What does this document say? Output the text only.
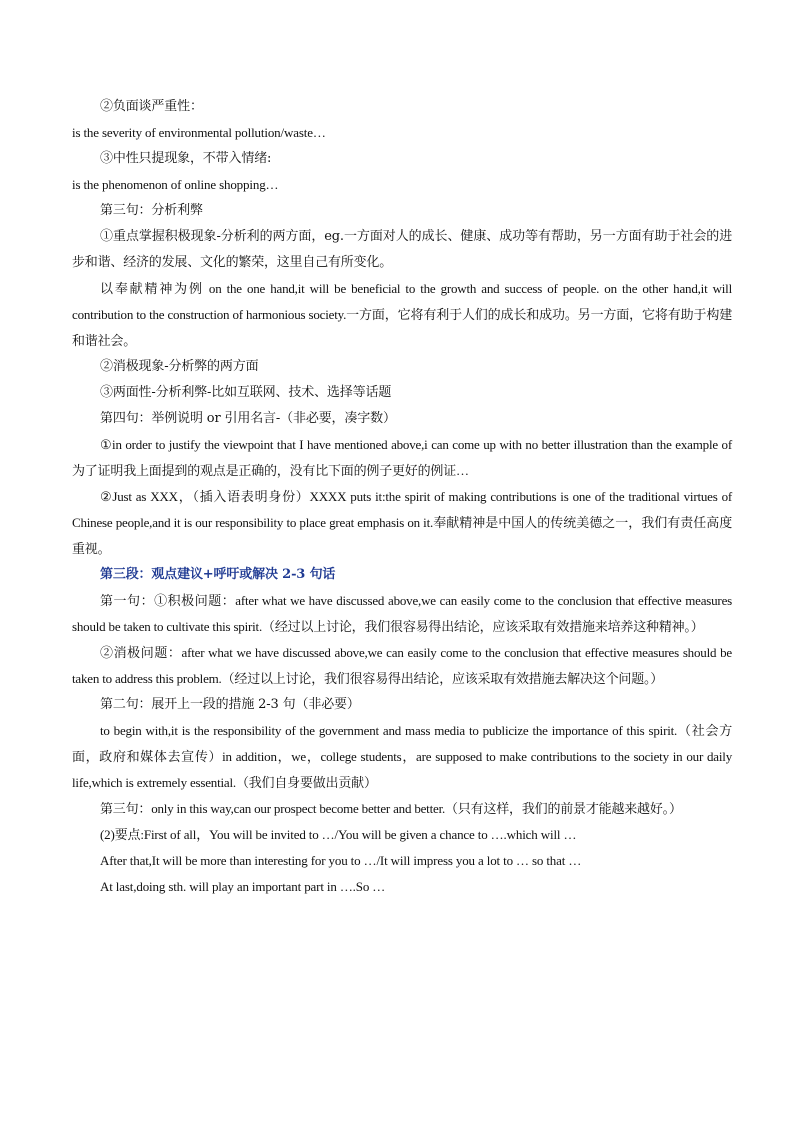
②负面谈严重性：
is the severity of environmental pollution/waste…
③中性只提现象，不带入情绪:
is the phenomenon of online shopping…
第三句：分析利弊
①重点掌握积极现象-分析利的两方面，eg.一方面对人的成长、健康、成功等有帮助，另一方面有助于社会的进步和谐、经济的发展、文化的繁荣，这里自己有所变化。
以奉献精神为例 on the one hand,it will be beneficial to the growth and success of people. on the other hand,it will contribution to the construction of harmonious society.一方面，它将有利于人们的成长和成功。另一方面，它将有助于构建和谐社会。
②消极现象-分析弊的两方面
③两面性-分析利弊-比如互联网、技术、选择等话题
第四句：举例说明 or 引用名言-（非必要，凑字数）
①in order to justify the viewpoint that I have mentioned above,i can come up with no better illustration than the example of 为了证明我上面提到的观点是正确的，没有比下面的例子更好的例证…
②Just as XXX，（插入语表明身份）XXXX puts it:the spirit of making contributions is one of the traditional virtues of Chinese people,and it is our responsibility to place great emphasis on it.奉献精神是中国人的传统美德之一，我们有责任高度重视。
第三段：观点建议+呼吁或解决 2-3 句话
第一句：①积极问题：after what we have discussed above,we can easily come to the conclusion that effective measures should be taken to cultivate this spirit.（经过以上讨论，我们很容易得出结论，应该采取有效措施来培养这种精神。）
②消极问题：after what we have discussed above,we can easily come to the conclusion that effective measures should be taken to address this problem.（经过以上讨论，我们很容易得出结论，应该采取有效措施去解决这个问题。）
第二句：展开上一段的措施 2-3 句（非必要）
to begin with,it is the responsibility of the government and mass media to publicize the importance of this spirit.（社会方面，政府和媒体去宣传）in addition，we，college students，are supposed to make contributions to the society in our daily life,which is extremely essential.（我们自身要做出贡献）
第三句：only in this way,can our prospect become better and better.（只有这样，我们的前景才能越来越好。）
(2)要点:First of all，You will be invited to …/You will be given a chance to ….which will …
After that,It will be more than interesting for you to …/It will impress you a lot to … so that …
At last,doing sth. will play an important part in ….So …
